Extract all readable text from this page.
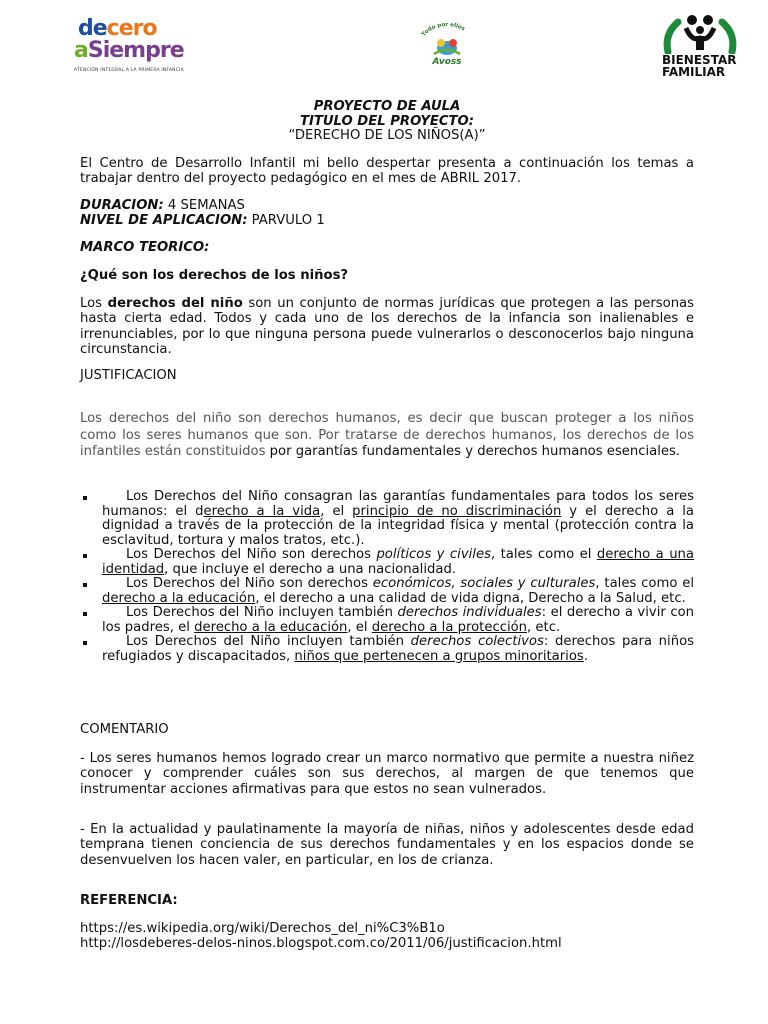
decero
aSiempre
ATENCIÓN INTEGRAL A LA PRIMERA INFANCIA
Todo por ellos
Avoss	BIENESTAR
FAMILIAR
PROYECTO DE AULA
TITULO DEL PROYECTO:
“DERECHO DE LOS NIÑOS(A)”
El Centro de Desarrollo Infantil mi bello despertar presenta a continuación los temas a trabajar dentro del proyecto pedagógico en el mes de ABRIL 2017.
DURACION: 4 SEMANAS
NIVEL DE APLICACION: PARVULO 1
MARCO TEORICO:
¿Qué son los derechos de los niños?
Los derechos del niño son un conjunto de normas jurídicas que protegen a las personas hasta cierta edad. Todos y cada uno de los derechos de la infancia son inalienables e irrenunciables, por lo que ninguna persona puede vulnerarlos o desconocerlos bajo ninguna circunstancia.
JUSTIFICACION
Los derechos del niño son derechos humanos, es decir que buscan proteger a los niños como los seres humanos que son. Por tratarse de derechos humanos, los derechos de los infantiles están constituidos por garantías fundamentales y derechos humanos esenciales.
Los Derechos del Niño consagran las garantías fundamentales para todos los seres humanos: el derecho a la vida, el principio de no discriminación y el derecho a la dignidad a través de la protección de la integridad física y mental (protección contra la esclavitud, tortura y malos tratos, etc.).
Los Derechos del Niño son derechos políticos y civiles, tales como el derecho a una identidad, que incluye el derecho a una nacionalidad.
Los Derechos del Niño son derechos económicos, sociales y culturales, tales como el derecho a la educación, el derecho a una calidad de vida digna, Derecho a la Salud, etc.
Los Derechos del Niño incluyen también derechos individuales: el derecho a vivir con los padres, el derecho a la educación, el derecho a la protección, etc.
Los Derechos del Niño incluyen también derechos colectivos: derechos para niños refugiados y discapacitados, niños que pertenecen a grupos minoritarios.
COMENTARIO
- Los seres humanos hemos logrado crear un marco normativo que permite a nuestra niñez conocer y comprender cuáles son sus derechos, al margen de que tenemos que instrumentar acciones afirmativas para que estos no sean vulnerados.
- En la actualidad y paulatinamente la mayoría de niñas, niños y adolescentes desde edad temprana tienen conciencia de sus derechos fundamentales y en los espacios donde se desenvuelven los hacen valer, en particular, en los de crianza.
REFERENCIA:
https://es.wikipedia.org/wiki/Derechos_del_ni%C3%B1o
http://losdeberes-delos-ninos.blogspot.com.co/2011/06/justificacion.html
